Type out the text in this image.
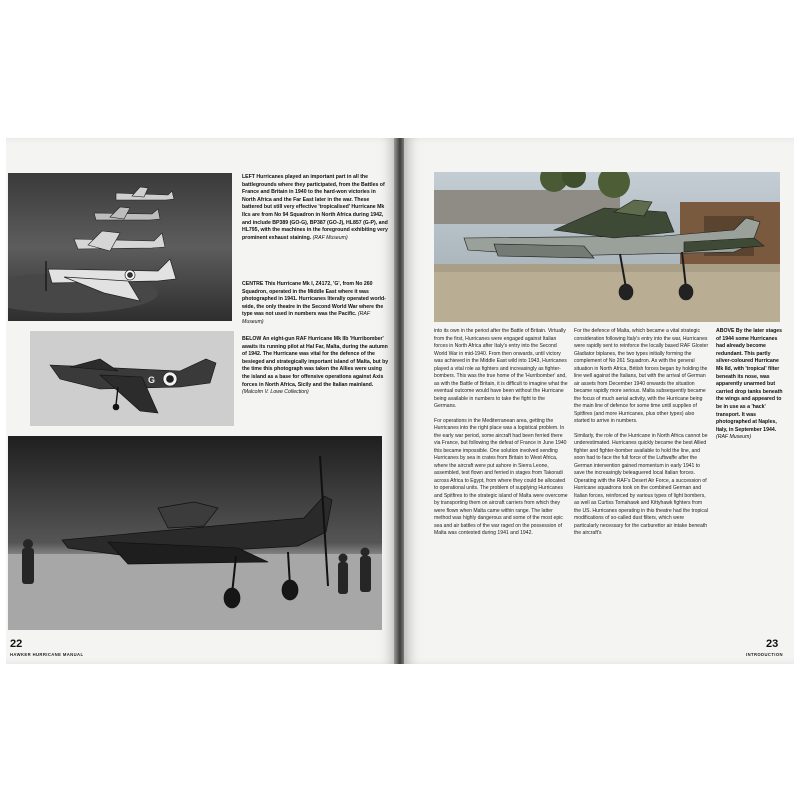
LEFT Hurricanes played an important part in all the battlegrounds where they participated, from the Battles of France and Britain in 1940 to the hard-won victories in North Africa and the Far East later in the war. These battered but still very effective 'tropicalised' Hurricane Mk IIcs are from No 94 Squadron in North Africa during 1942, and include BP389 (GO-G), BP387 (GO-J), HL857 (G-P), and HL795, with the machines in the foreground exhibiting very prominent exhaust staining. (RAF Museum)

CENTRE This Hurricane Mk I, Z4172, 'G', from No 260 Squadron, operated in the Middle East where it was photographed in 1941. Hurricanes literally operated world-wide, the only theatre in the Second World War where the type was not used in numbers was the Pacific. (RAF Museum)

BELOW An eight-gun RAF Hurricane Mk IIb 'Hurribomber' awaits its running pilot at Hal Far, Malta, during the autumn of 1942. The Hurricane was vital for the defence of the besieged and strategically important island of Malta, but by the time this photograph was taken the Allies were using the island as a base for offensive operations against Axis forces in North Africa, Sicily and the Italian mainland. (Malcolm V. Lowe Collection)

G
22
HAWKER HURRICANE MANUAL

ABOVE By the later stages of 1944 some Hurricanes had already become redundant. This partly silver-coloured Hurricane Mk IId, with 'tropical' filter beneath its nose, was apparently unarmed but carried drop tanks beneath the wings and appeared to be in use as a 'hack' transport. It was photographed at Naples, Italy, in September 1944. (RAF Museum)

into its own in the period after the Battle of Britain. Virtually from the first, Hurricanes were engaged against Italian forces in North Africa after Italy's entry into the Second World War in mid-1940. From then onwards, until victory was achieved in the Middle East wild into 1943, Hurricanes played a vital role as fighters and increasingly as fighter-bombers. This was the true home of the 'Hurribomber' and, as with the Battle of Britain, it is difficult to imagine what the eventual outcome would have been without the Hurricane being available in numbers to take the fight to the Germans.

For operations in the Mediterranean area, getting the Hurricanes into the right place was a logistical problem. In the early war period, some aircraft had been ferried there via France, but following the defeat of France in June 1940 this became impossible. One solution involved sending Hurricanes by sea in crates from Britain to West Africa, where the aircraft were put ashore in Sierra Leone, assembled, test flown and ferried in stages from Takoradi across Africa to Egypt, from where they could be allocated to operational units. The problem of supplying Hurricanes and Spitfires to the strategic island of Malta were overcome by transporting them on aircraft carriers from which they were flown when Malta came within range. The latter method was highly dangerous and some of the most epic sea and air battles of the war raged on the possession of Malta was contested during 1941 and 1942.

For the defence of Malta, which became a vital strategic consideration following Italy's entry into the war, Hurricanes were rapidly sent to reinforce the locally based RAF Gloster Gladiator biplanes, the two types initially forming the complement of No 261 Squadron. As with the general situation in North Africa, British forces began by holding the line well against the Italians, but with the arrival of German air assets from December 1940 onwards the situation became rapidly more serious. Malta subsequently became the focus of much aerial activity, with the Hurricane being the main line of defence for some time until supplies of Spitfires (and more Hurricanes, plus other types) also started to arrive in numbers.

Similarly, the role of the Hurricane in North Africa cannot be underestimated. Hurricanes quickly became the best Allied fighter and fighter-bomber available to hold the line, and soon had to face the full force of the Luftwaffe after the German intervention gained momentum in early 1941 to save the increasingly beleaguered local Italian forces. Operating with the RAF's Desert Air Force, a succession of Hurricane squadrons took on the combined German and Italian forces, reinforced by various types of light bombers, as well as Curtiss Tomahawk and Kittyhawk fighters from the US. Hurricanes operating in this theatre had the tropical modifications of so-called dust filters, which were particularly necessary for the carburettor air intake beneath the aircraft's

23
INTRODUCTION
